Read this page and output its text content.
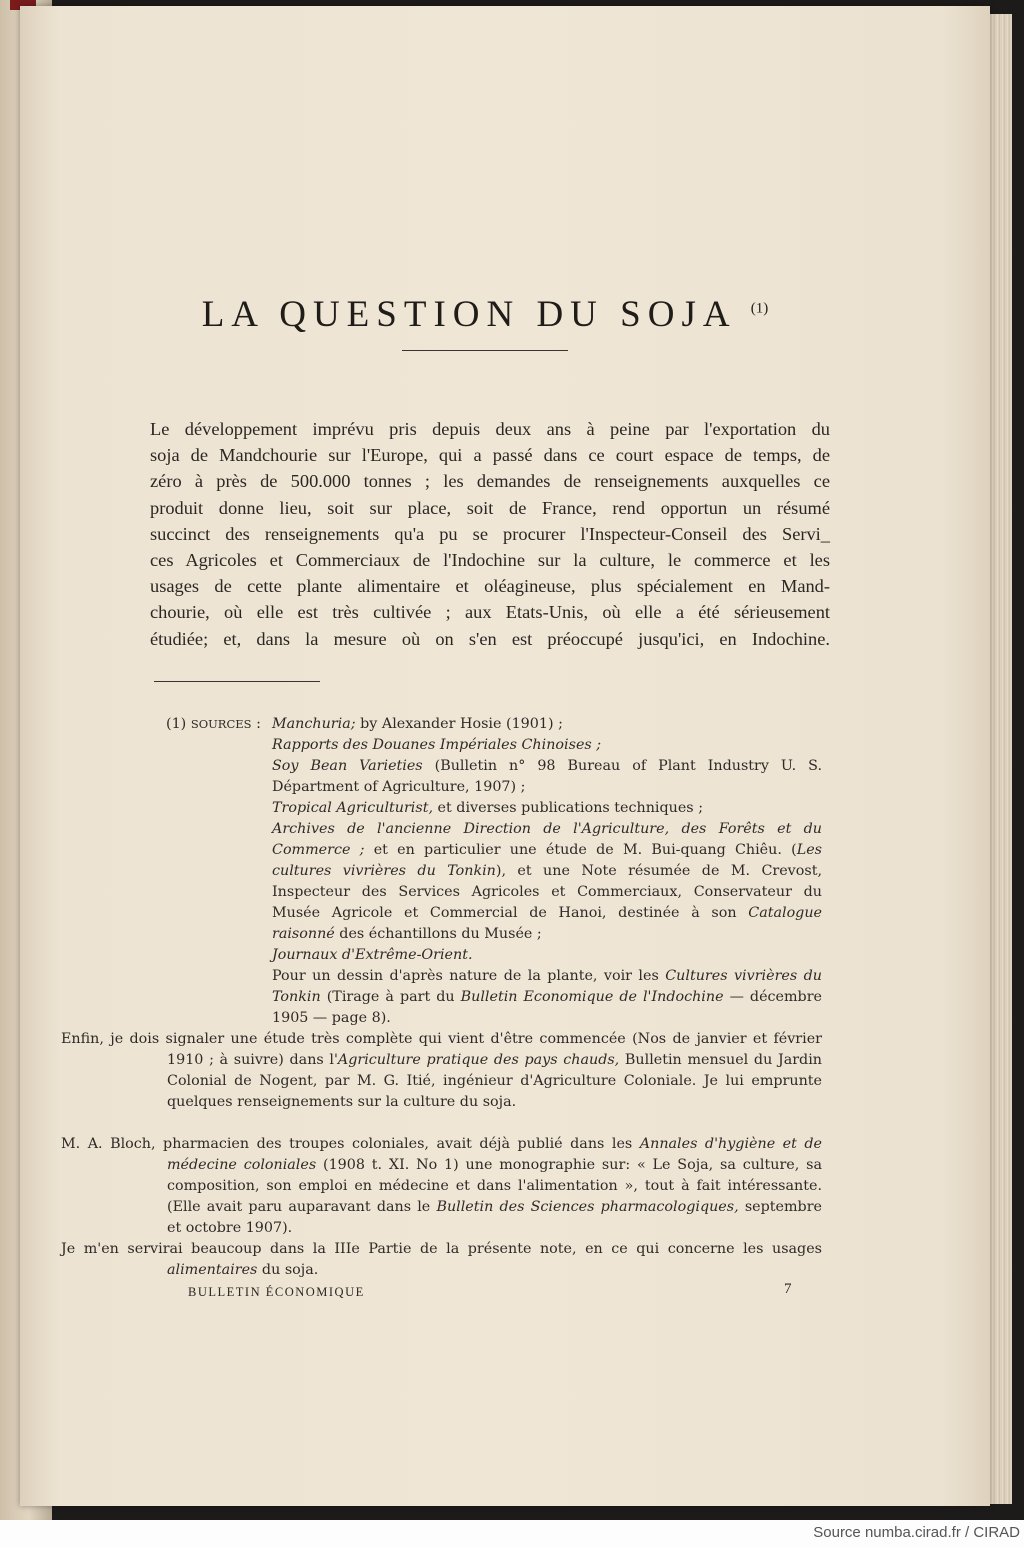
LA QUESTION DU SOJA $^{(1)}$
Le développement imprévu pris depuis deux ans à peine par l'exportation du
soja de Mandchourie sur l'Europe, qui a passé dans ce court espace de temps, de
zéro à près de 500.000 tonnes ; les demandes de renseignements auxquelles ce
produit donne lieu, soit sur place, soit de France, rend opportun un résumé
succinct des renseignements qu'a pu se procurer l'Inspecteur-Conseil des Servi_
ces Agricoles et Commerciaux de l'Indochine sur la culture, le commerce et les
usages de cette plante alimentaire et oléagineuse, plus spécialement en Mand-
chourie, où elle est très cultivée ; aux Etats-Unis, où elle a été sérieusement
étudiée; et, dans la mesure où on s'en est préoccupé jusqu'ici, en Indochine.
(1) SOURCES : Manchuria; by Alexander Hosie (1901) ;
Rapports des Douanes Impériales Chinoises ;
Soy Bean Varieties (Bulletin n° 98 Bureau of Plant Industry U. S. Départment of Agriculture, 1907) ;
Tropical Agriculturist, et diverses publications techniques ;
Archives de l'ancienne Direction de l'Agriculture, des Forêts et du Commerce ; et en particulier une étude de M. Bui-quang Chiêu. (Les cultures vivrières du Tonkin), et une Note résumée de M. Crevost, Inspecteur des Services Agricoles et Commerciaux, Conservateur du Musée Agricole et Commercial de Hanoi, destinée à son Catalogue raisonné des échantillons du Musée ;
Journaux d'Extrême-Orient.
Pour un dessin d'après nature de la plante, voir les Cultures vivrières du Tonkin (Tirage à part du Bulletin Economique de l'Indochine — décembre 1905 — page 8).
Enfin, je dois signaler une étude très complète qui vient d'être commencée (Nos de janvier et février 1910 ; à suivre) dans l'Agriculture pratique des pays chauds, Bulletin mensuel du Jardin Colonial de Nogent, par M. G. Itié, ingénieur d'Agriculture Coloniale. Je lui emprunte quelques renseignements sur la culture du soja.
M. A. Bloch, pharmacien des troupes coloniales, avait déjà publié dans les Annales d'hygiène et de médecine coloniales (1908 t. XI. No 1) une monographie sur: « Le Soja, sa culture, sa composition, son emploi en médecine et dans l'alimentation », tout à fait intéressante. (Elle avait paru auparavant dans le Bulletin des Sciences pharmacologiques, septembre et octobre 1907).
Je m'en servirai beaucoup dans la IIIe Partie de la présente note, en ce qui concerne les usages alimentaires du soja.
BULLETIN ÉCONOMIQUE	7
Source numba.cirad.fr / CIRAD
